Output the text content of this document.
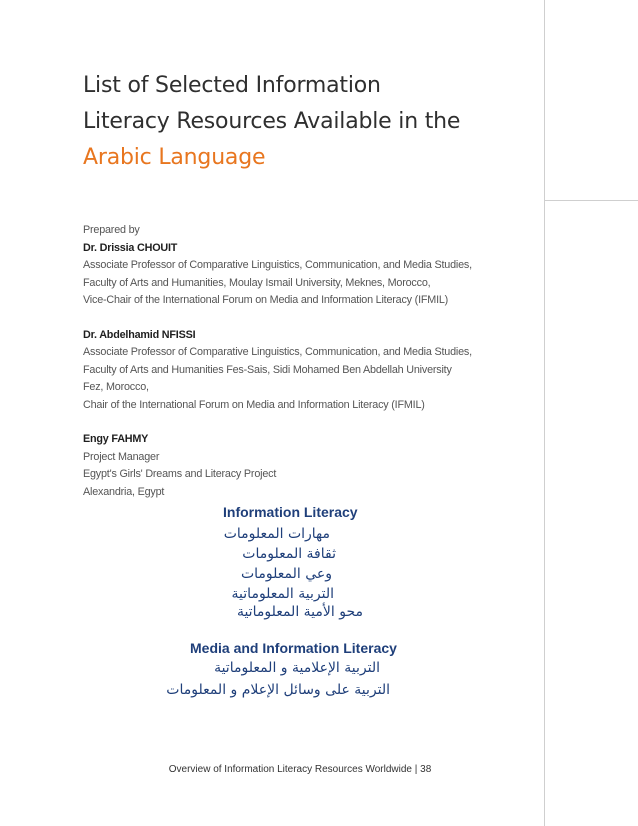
List of Selected Information
Literacy Resources Available in the
Arabic Language
Prepared by
Dr. Drissia CHOUIT
Associate Professor of Comparative Linguistics, Communication, and Media Studies,
Faculty of Arts and Humanities, Moulay Ismail University, Meknes, Morocco,
Vice-Chair of the International Forum on Media and Information Literacy (IFMIL)
Dr. Abdelhamid NFISSI
Associate Professor of Comparative Linguistics, Communication, and Media Studies,
Faculty of Arts and Humanities Fes-Sais, Sidi Mohamed Ben Abdellah University
Fez, Morocco,
Chair of the International Forum on Media and Information Literacy (IFMIL)
Engy FAHMY
Project Manager
Egypt's Girls' Dreams and Literacy Project
Alexandria, Egypt
Information Literacy
مهارات المعلومات
ثقافة المعلومات
وعي المعلومات
التربية المعلوماتية
محو الأمية المعلوماتية
Media and Information Literacy
التربية الإعلامية و المعلوماتية
التربية على وسائل الإعلام و المعلومات
Overview of Information Literacy Resources Worldwide | 38
